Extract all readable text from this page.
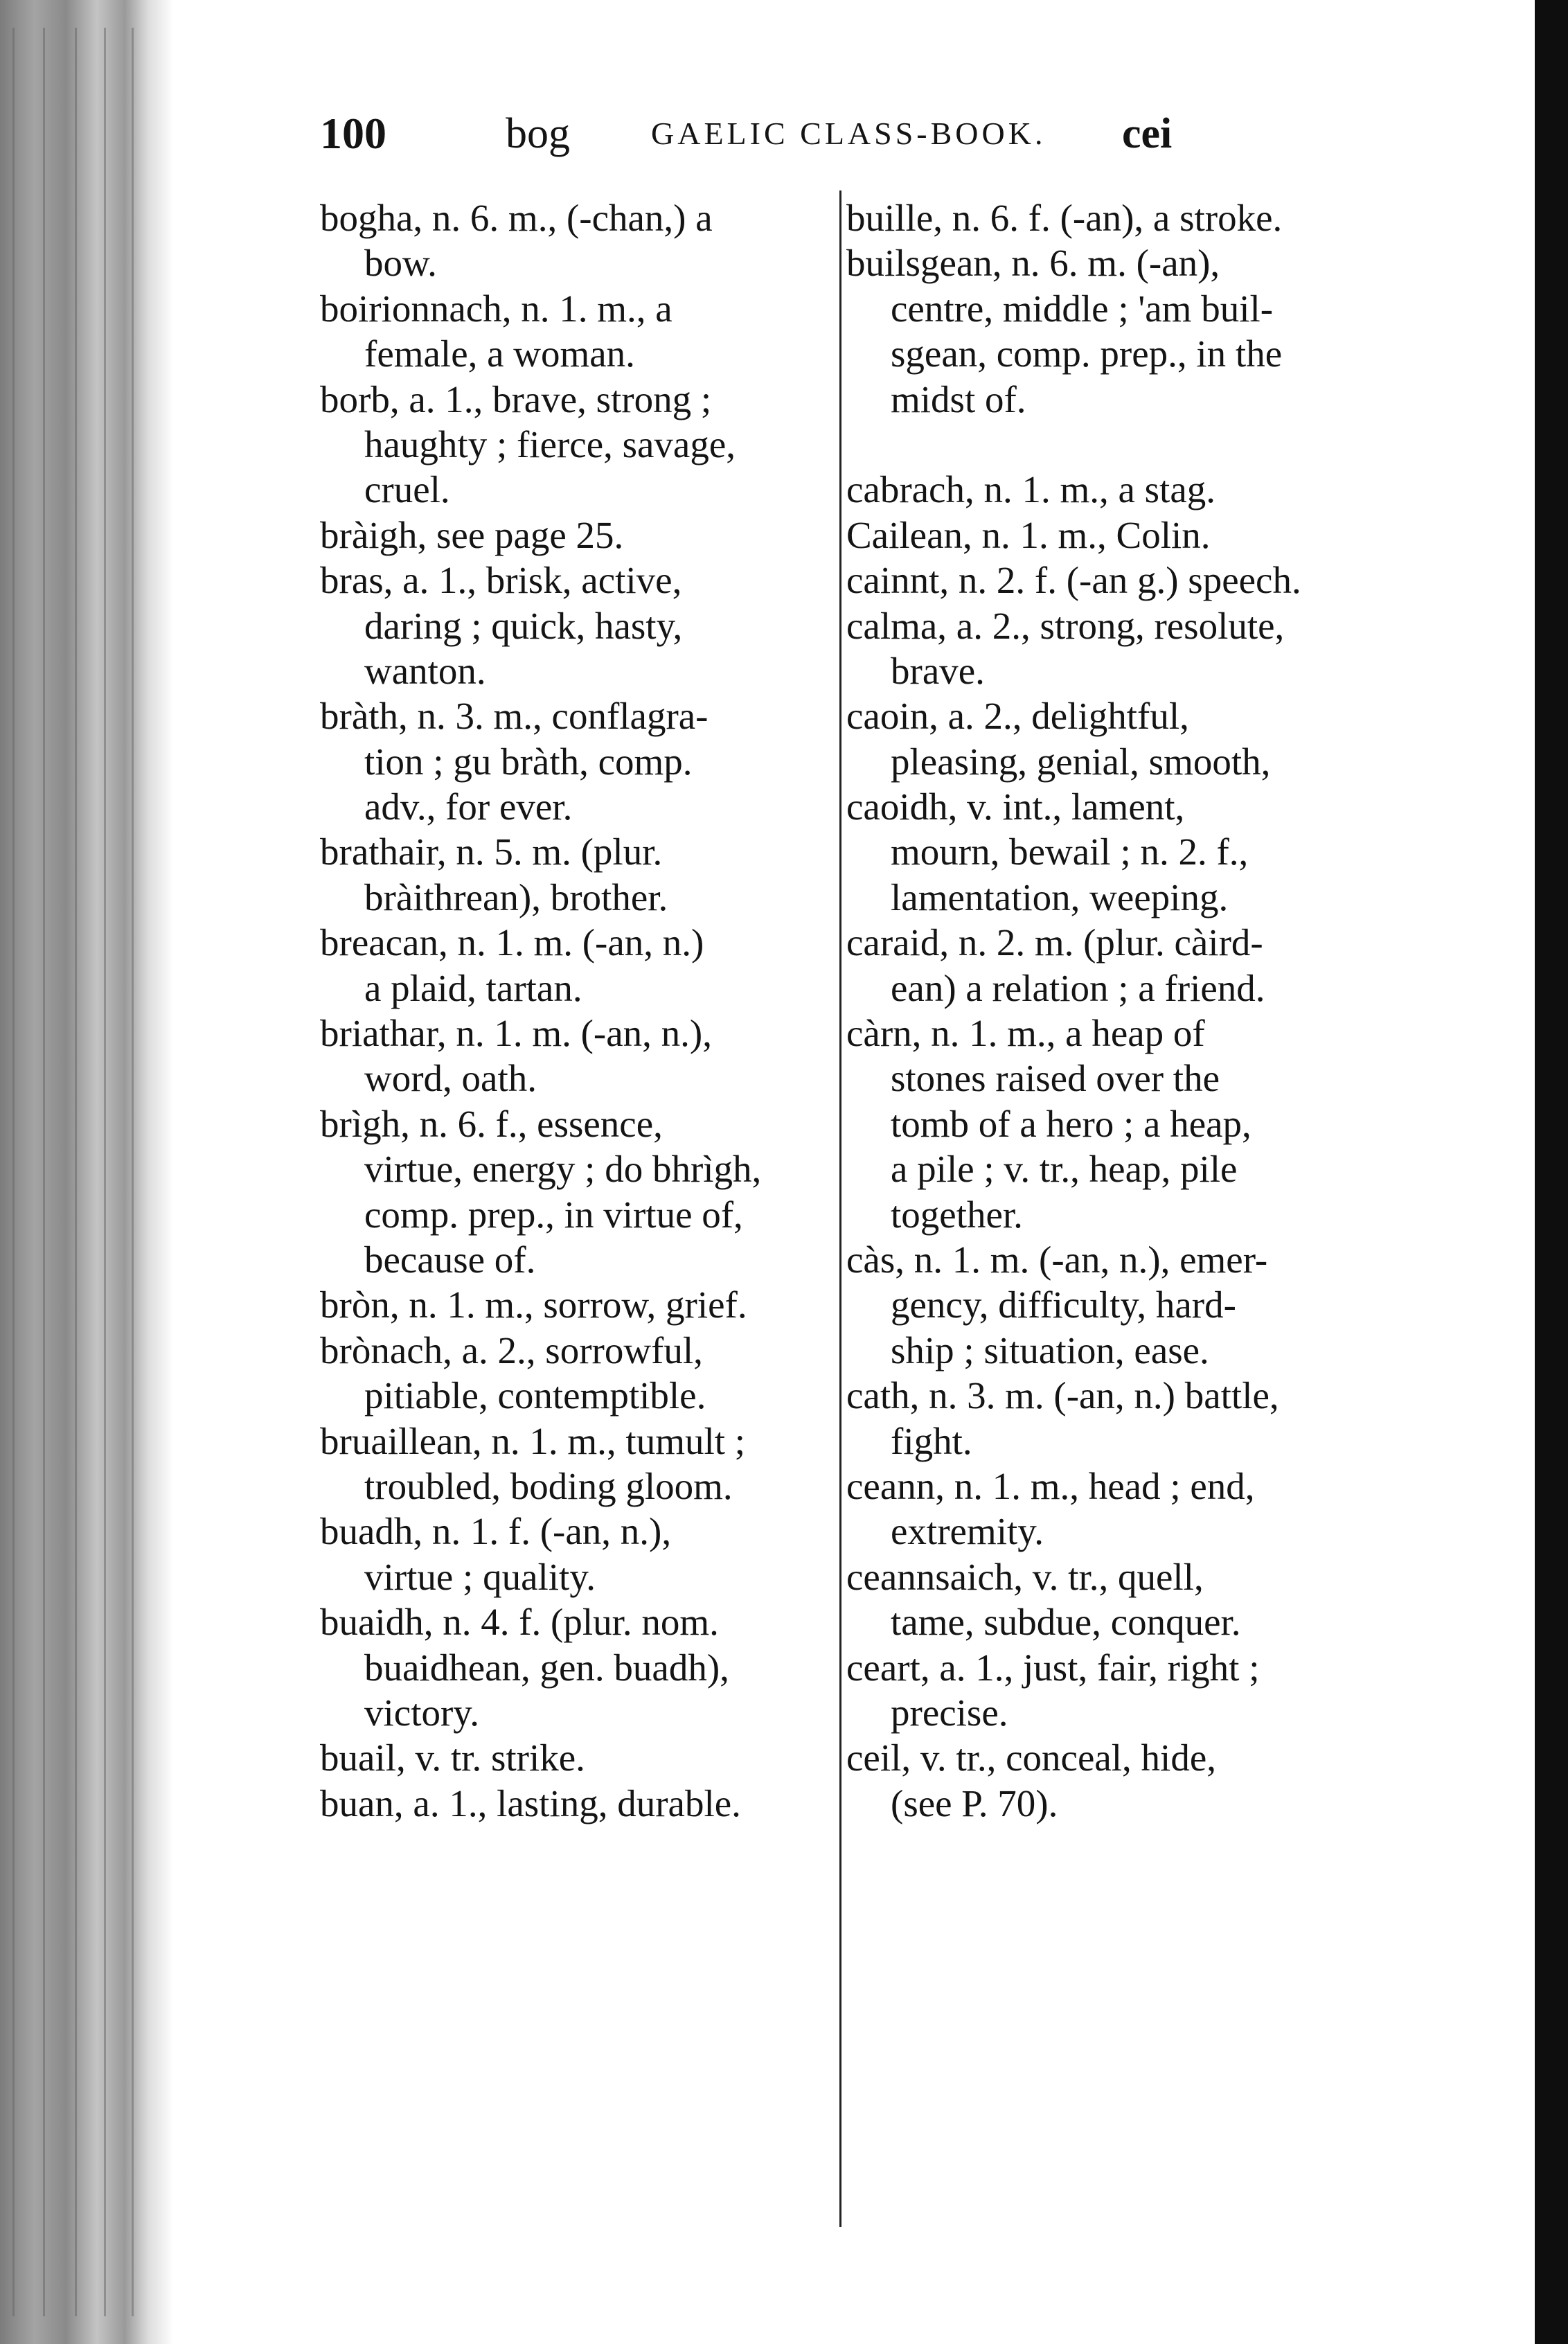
100	bog	GAELIC CLASS-BOOK. cei
bogha, n. 6. m., (-chan,) a
bow.
boirionnach, n. 1. m., a
female, a woman.
borb, a. 1., brave, strong ;
haughty ; fierce, savage,
cruel.
bràigh, see page 25.
bras, a. 1., brisk, active,
daring ; quick, hasty,
wanton.
bràth, n. 3. m., conflagra-
tion ; gu bràth, comp.
adv., for ever.
brathair, n. 5. m. (plur.
bràithrean), brother.
breacan, n. 1. m. (-an, n.)
a plaid, tartan.
briathar, n. 1. m. (-an, n.),
word, oath.
brìgh, n. 6. f., essence,
virtue, energy ; do bhrìgh,
comp. prep., in virtue of,
because of.
bròn, n. 1. m., sorrow, grief.
brònach, a. 2., sorrowful,
pitiable, contemptible.
bruaillean, n. 1. m., tumult ;
troubled, boding gloom.
buadh, n. 1. f. (-an, n.),
virtue ; quality.
buaidh, n. 4. f. (plur. nom.
buaidhean, gen. buadh),
victory.
buail, v. tr. strike.
buan, a. 1., lasting, durable.
buille, n. 6. f. (-an), a stroke.
builsgean, n. 6. m. (-an),
centre, middle ; 'am buil-
sgean, comp. prep., in the
midst of.
cabrach, n. 1. m., a stag.
Cailean, n. 1. m., Colin.
cainnt, n. 2. f. (-an g.) speech.
calma, a. 2., strong, resolute,
brave.
caoin, a. 2., delightful,
pleasing, genial, smooth,
caoidh, v. int., lament,
mourn, bewail ; n. 2. f.,
lamentation, weeping.
caraid, n. 2. m. (plur. càird-
ean) a relation ; a friend.
càrn, n. 1. m., a heap of
stones raised over the
tomb of a hero ; a heap,
a pile ; v. tr., heap, pile
together.
càs, n. 1. m. (-an, n.), emer-
gency, difficulty, hard-
ship ; situation, ease.
cath, n. 3. m. (-an, n.) battle,
fight.
ceann, n. 1. m., head ; end,
extremity.
ceannsaich, v. tr., quell,
tame, subdue, conquer.
ceart, a. 1., just, fair, right ;
precise.
ceil, v. tr., conceal, hide,
(see P. 70).
